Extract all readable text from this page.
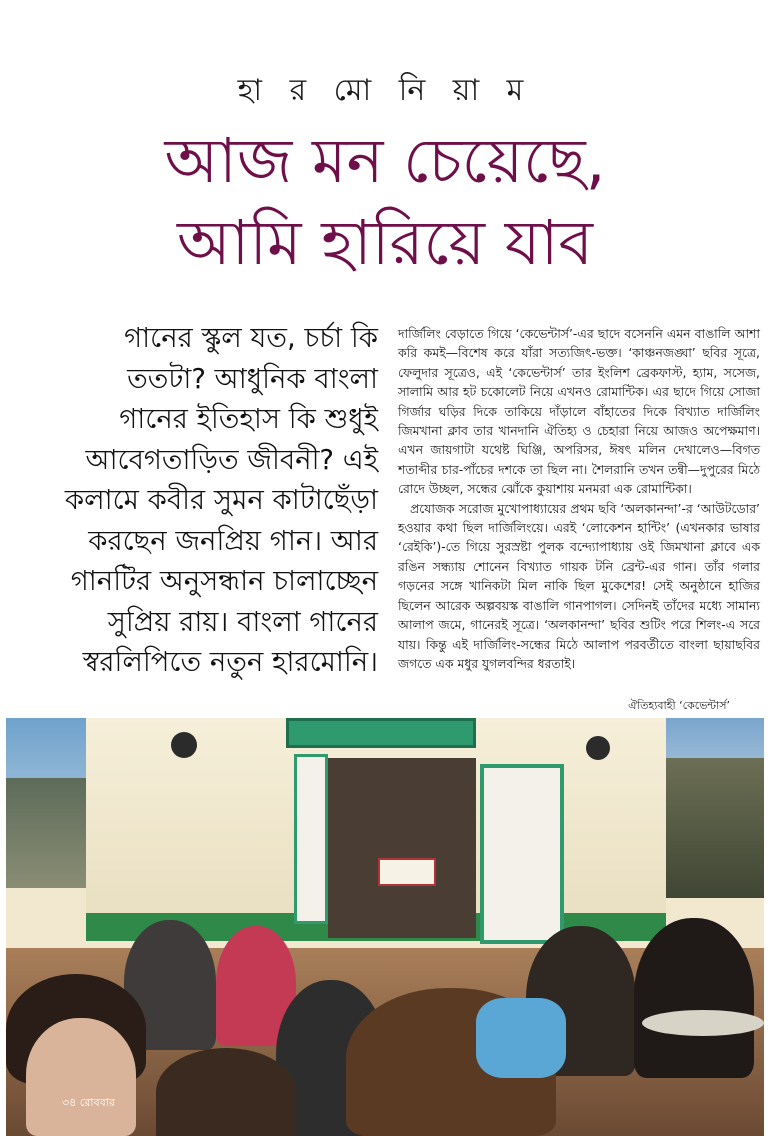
হা র মো নি য়া ম
আজ মন চেয়েছে,
আমি হারিয়ে যাব
গানের স্কুল যত, চর্চা কি ততটা? আধুনিক বাংলা গানের ইতিহাস কি শুধুই আবেগতাড়িত জীবনী? এই কলামে কবীর সুমন কাটাছেঁড়া করছেন জনপ্রিয় গান। আর গানটির অনুসন্ধান চালাচ্ছেন সুপ্রিয় রায়। বাংলা গানের স্বরলিপিতে নতুন হারমোনি।

দার্জিলিং বেড়াতে গিয়ে ‘কেভেন্টার্স’-এর ছাদে বসেননি এমন বাঙালি আশা করি কমই—বিশেষ করে যাঁরা সত্যজিৎ-ভক্ত। ‘কাঞ্চনজঙ্ঘা’ ছবির সূত্রে, ফেলুদার সূত্রেও, এই ‘কেভেন্টার্স’ তার ইংলিশ ব্রেকফাস্ট, হ্যাম, সসেজ, সালামি আর হট চকোলেট নিয়ে এখনও রোমান্টিক। এর ছাদে গিয়ে সোজা গির্জার ঘড়ির দিকে তাকিয়ে দাঁড়ালে বাঁহাতের দিকে বিখ্যাত দার্জিলিং জিমখানা ক্লাব তার খানদানি ঐতিহ্য ও চেহারা নিয়ে আজও অপেক্ষমাণ। এখন জায়গাটা যথেষ্ট ঘিঞ্জি, অপরিসর, ঈষৎ মলিন দেখালেও—বিগত শতাব্দীর চার-পাঁচের দশকে তা ছিল না। শৈলরানি তখন তন্বী—দুপুরের মিঠে রোদে উচ্ছল, সন্ধের ঝোঁকে কুয়াশায় মনমরা এক রোমান্টিকা।

প্রযোজক সরোজ মুখোপাধ্যায়ের প্রথম ছবি ‘অলকানন্দা’-র ‘আউটডোর’ হওয়ার কথা ছিল দার্জিলিংয়ে। এরই ‘লোকেশন হান্টিং’ (এখনকার ভাষার ‘রেইকি’)-তে গিয়ে সুরস্রষ্টা পুলক বন্দ্যোপাধ্যায় ওই জিমখানা ক্লাবে এক রঙিন সন্ধ্যায় শোনেন বিখ্যাত গায়ক টনি ব্রেন্ট-এর গান। তাঁর গলার গড়নের সঙ্গে খানিকটা মিল নাকি ছিল মুকেশের! সেই অনুষ্ঠানে হাজির ছিলেন আরেক অল্পবয়স্ক বাঙালি গানপাগল। সেদিনই তাঁদের মধ্যে সামান্য আলাপ জমে, গানেরই সূত্রে। ‘অলকানন্দা’ ছবির শুটিং পরে শিলং-এ সরে যায়। কিন্তু এই দার্জিলিং-সন্ধের মিঠে আলাপ পরবর্তীতে বাংলা ছায়াছবির জগতে এক মধুর যুগলবন্দির ধরতাই।

ঐতিহ্যবাহী ‘কেভেন্টার্স’
৩৪ রোববার
